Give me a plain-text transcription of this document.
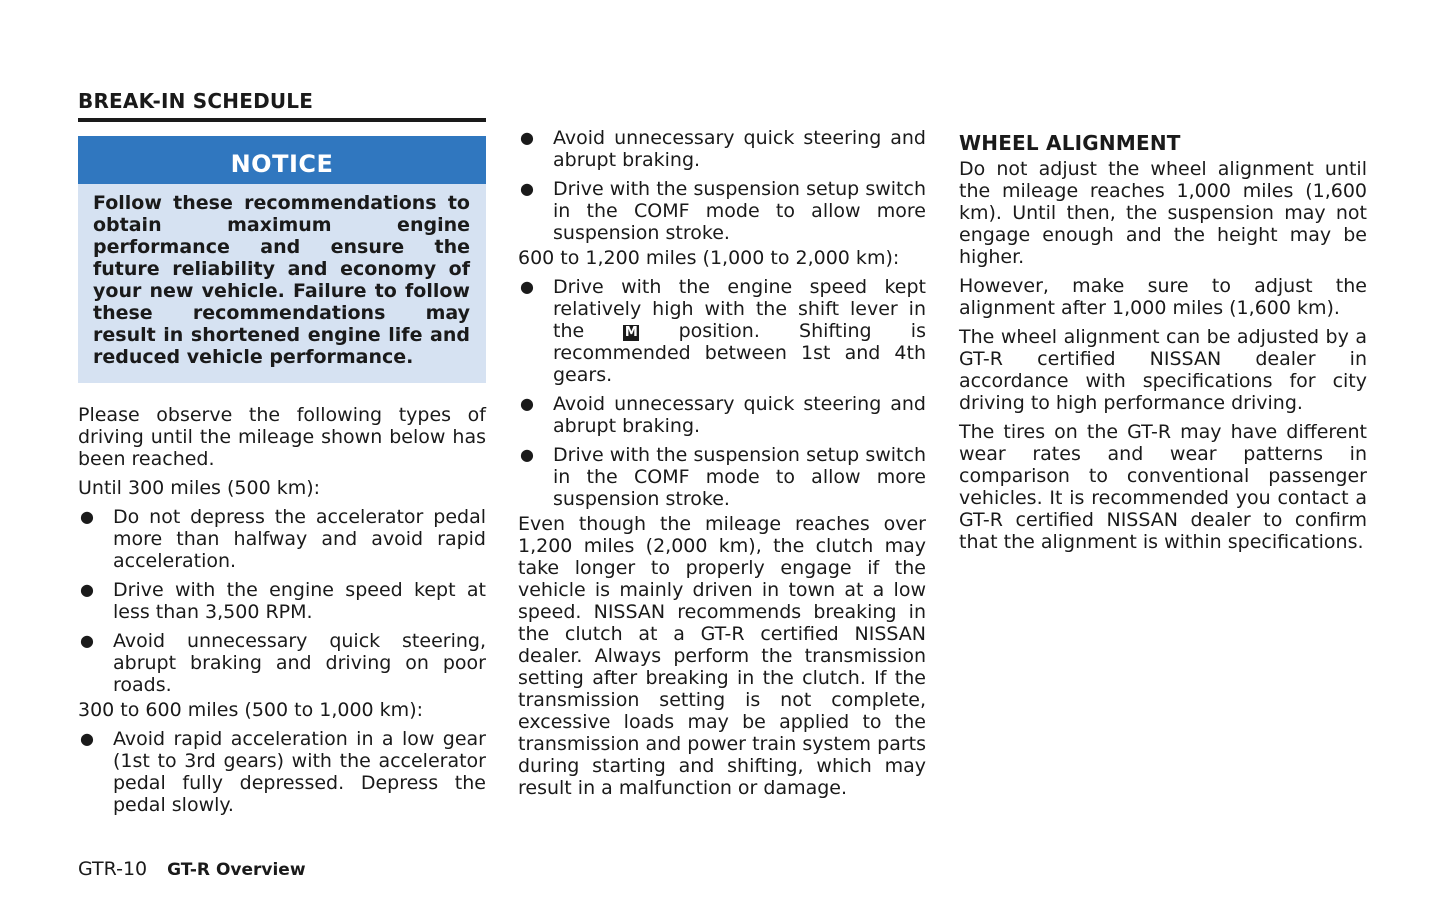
BREAK-IN SCHEDULE
NOTICE
Follow these recommendations to obtain maximum engine performance and ensure the future reliability and economy of your new vehicle. Failure to follow these recommendations may result in shortened engine life and reduced vehicle performance.

Please observe the following types of driving until the mileage shown below has been reached.

Until 300 miles (500 km):

●	Do not depress the accelerator pedal more than halfway and avoid rapid acceleration.

●	Drive with the engine speed kept at less than 3,500 RPM.

●	Avoid unnecessary quick steering, abrupt braking and driving on poor roads.

300 to 600 miles (500 to 1,000 km):

●	Avoid rapid acceleration in a low gear (1st to 3rd gears) with the accelerator pedal fully depressed. Depress the pedal slowly.

●	Avoid unnecessary quick steering and abrupt braking.

●	Drive with the suspension setup switch in the COMF mode to allow more suspension stroke.

600 to 1,200 miles (1,000 to 2,000 km):

●	Drive with the engine speed kept relatively high with the shift lever in the M position. Shifting is recommended between 1st and 4th gears.

●	Avoid unnecessary quick steering and abrupt braking.

●	Drive with the suspension setup switch in the COMF mode to allow more suspension stroke.

Even though the mileage reaches over 1,200 miles (2,000 km), the clutch may take longer to properly engage if the vehicle is mainly driven in town at a low speed. NISSAN recommends breaking in the clutch at a GT-R certified NISSAN dealer. Always perform the transmission setting after breaking in the clutch. If the transmission setting is not complete, excessive loads may be applied to the transmission and power train system parts during starting and shifting, which may result in a malfunction or damage.

WHEEL ALIGNMENT

Do not adjust the wheel alignment until the mileage reaches 1,000 miles (1,600 km). Until then, the suspension may not engage enough and the height may be higher.

However, make sure to adjust the alignment after 1,000 miles (1,600 km).

The wheel alignment can be adjusted by a GT-R certified NISSAN dealer in accordance with specifications for city driving to high performance driving.

The tires on the GT-R may have different wear rates and wear patterns in comparison to conventional passenger vehicles. It is recommended you contact a GT-R certified NISSAN dealer to confirm that the alignment is within specifications.

GTR-10 GT-R Overview
